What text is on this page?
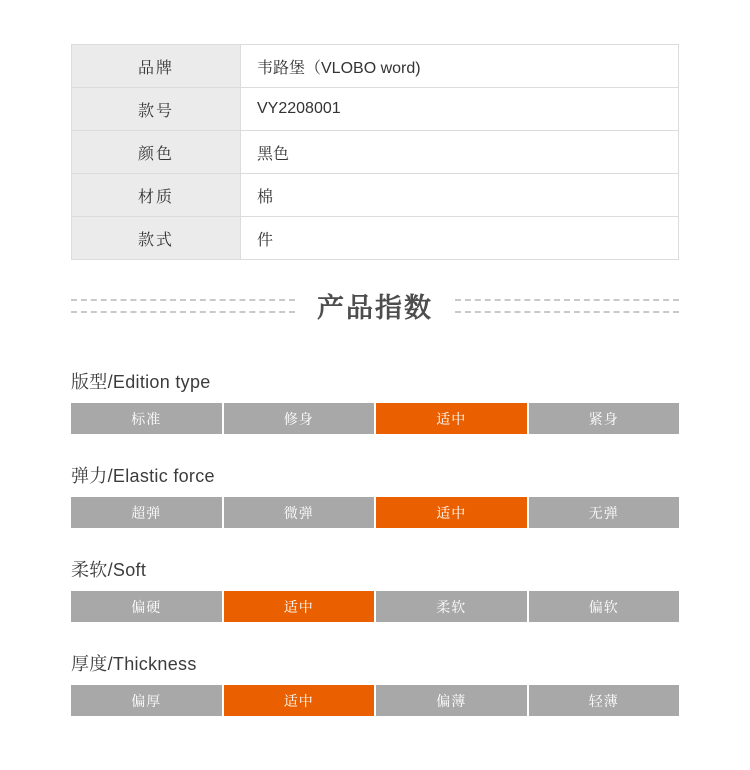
品牌	韦路堡（VLOBO word)
款号	VY2208001
颜色	黑色
材质	棉
款式	件
产品指数
版型/Edition type
标准	修身	适中	紧身
弹力/Elastic force
超弹	微弹	适中	无弹
柔软/Soft
偏硬	适中	柔软	偏软
厚度/Thickness
偏厚	适中	偏薄	轻薄
